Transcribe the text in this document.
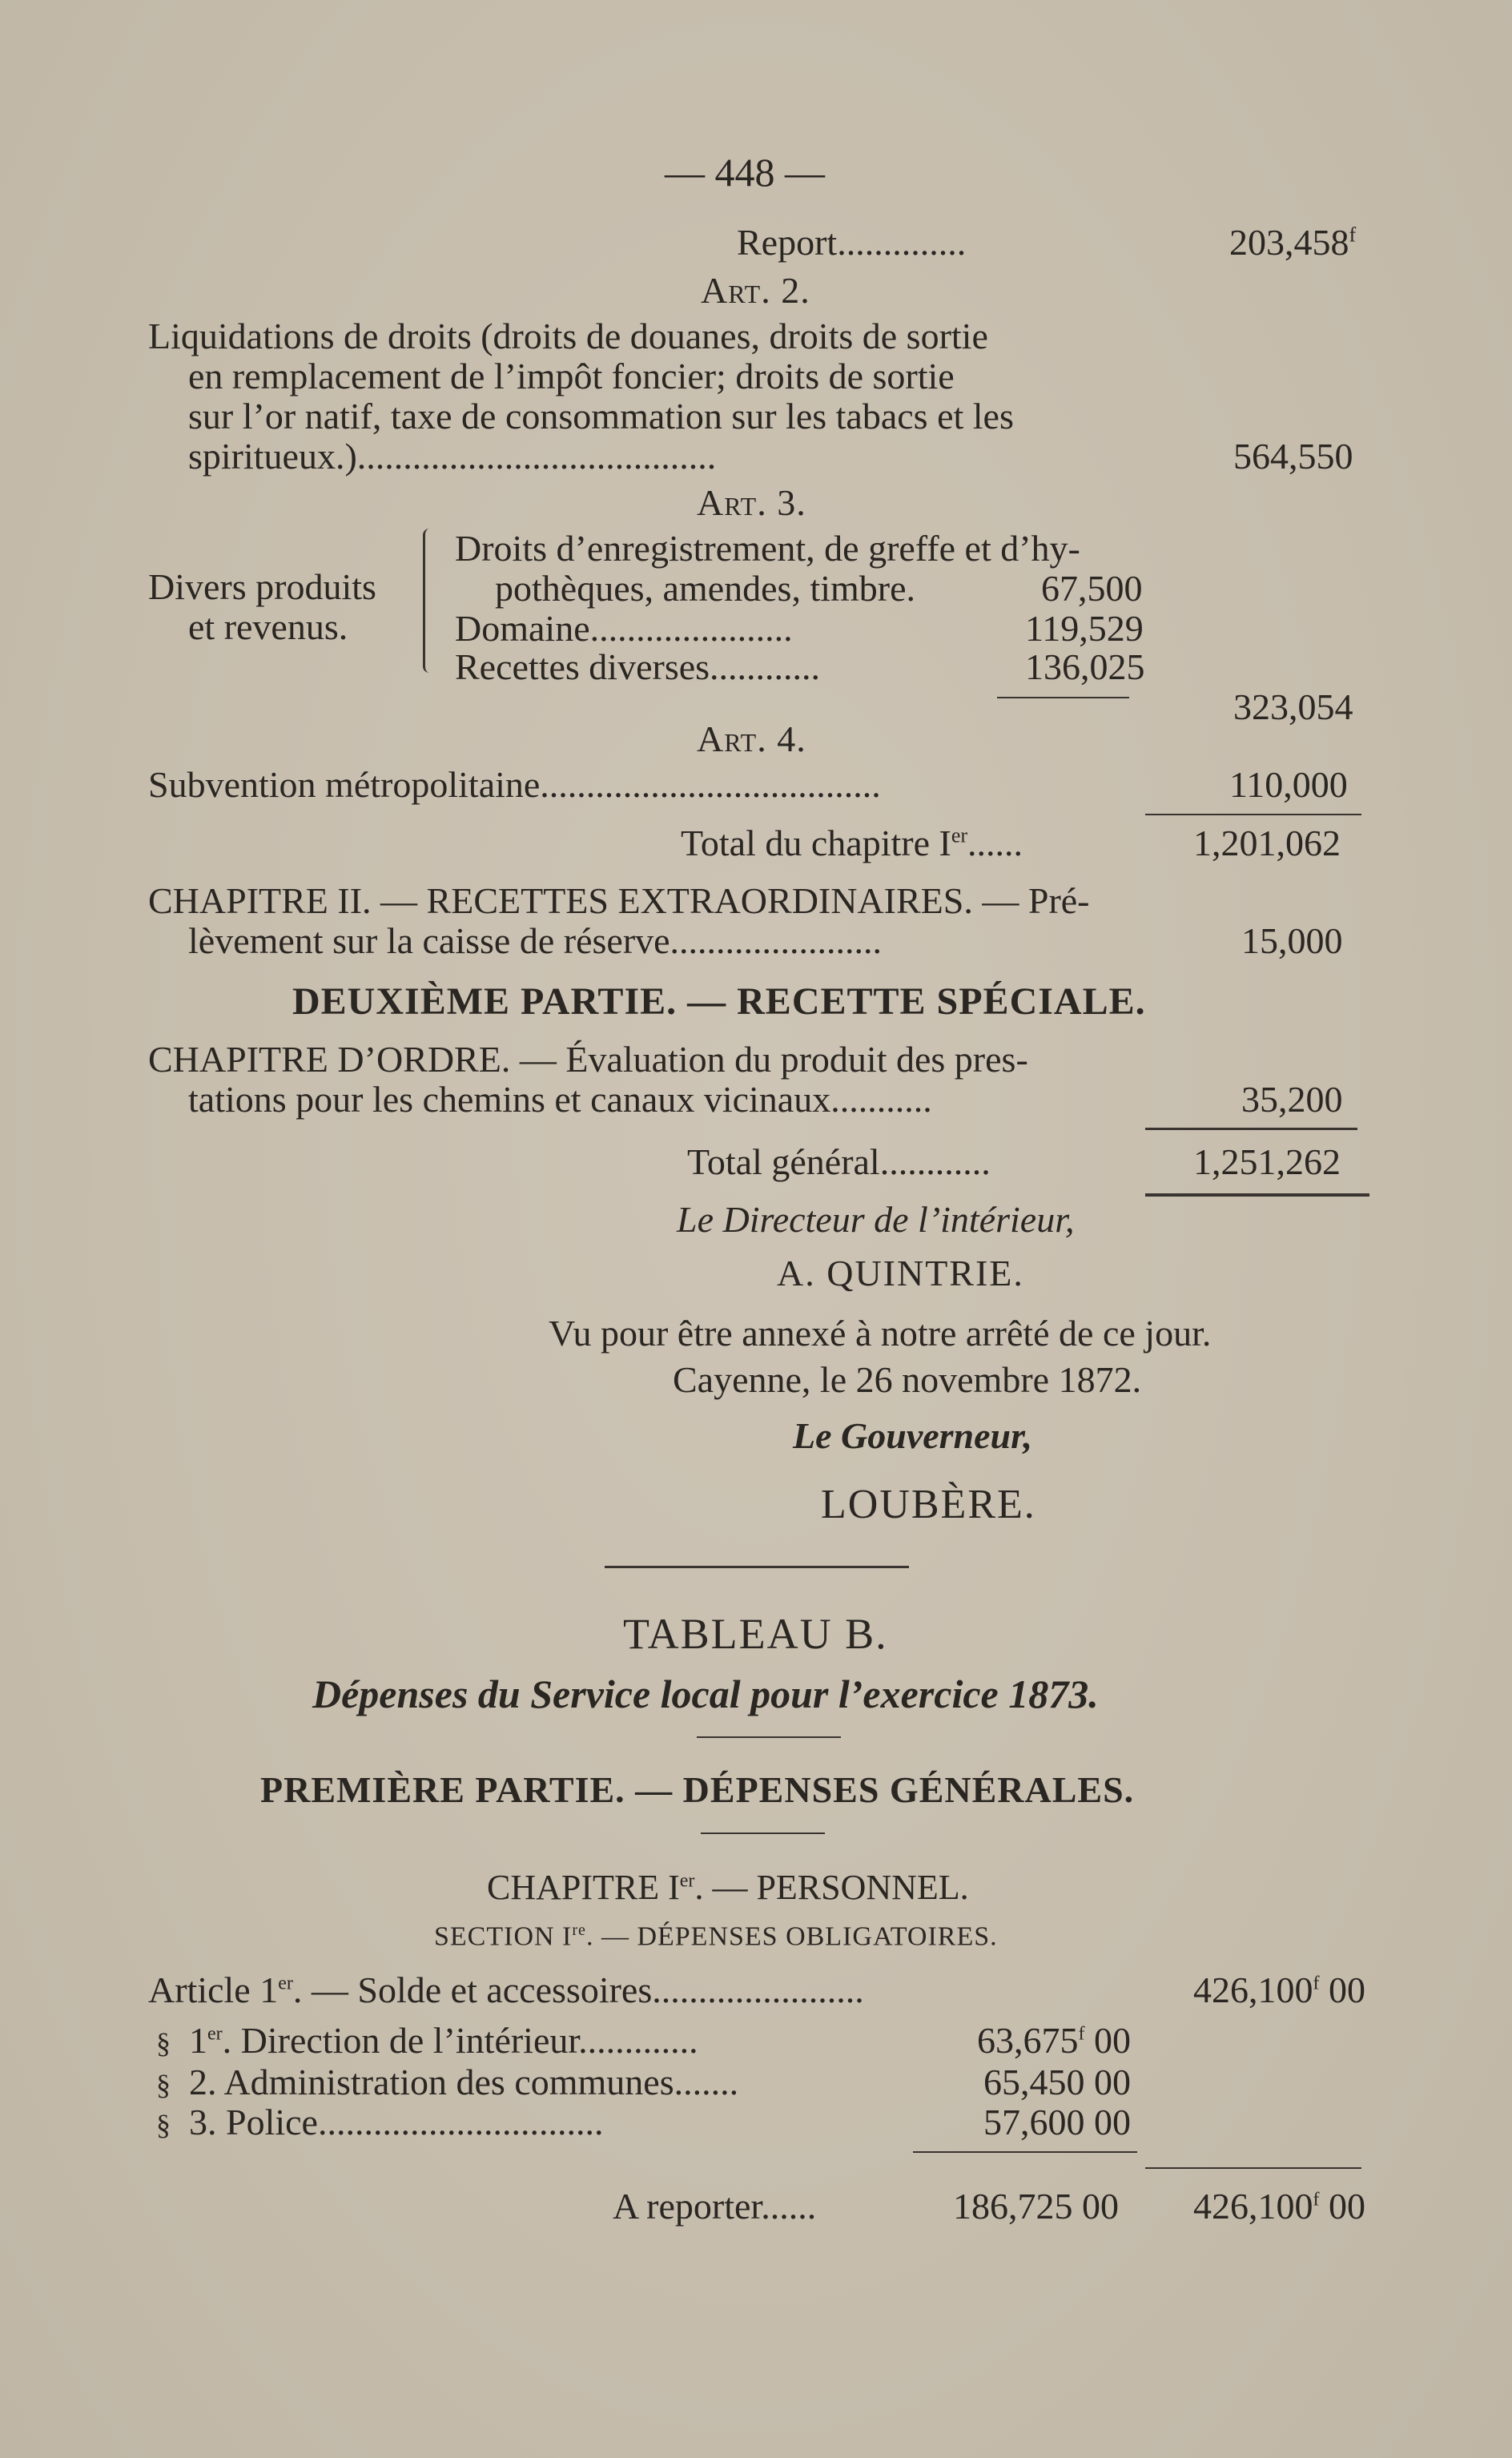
— 448 —
Report..............	203,458$^f$
Art. 2.
Liquidations de droits (droits de douanes, droits de sortie
en remplacement de l’impôt foncier; droits de sortie
sur l’or natif, taxe de consommation sur les tabacs et les
spiritueux.).......................................	564,550
Art. 3.
Divers produits
et revenus.
Droits d’enregistrement, de greffe et d’hy-
pothèques, amendes, timbre.	67,500
Domaine......................	119,529
Recettes diverses............	136,025
323,054
Art. 4.
Subvention métropolitaine.....................................	110,000
Total du chapitre Ier......	1,201,062
CHAPITRE II. — RECETTES EXTRAORDINAIRES. — Pré-
lèvement sur la caisse de réserve.......................	15,000
DEUXIÈME PARTIE. — RECETTE SPÉCIALE.
CHAPITRE D’ORDRE. — Évaluation du produit des pres-
tations pour les chemins et canaux vicinaux...........	35,200
Total général............	1,251,262
Le Directeur de l’intérieur,
A. QUINTRIE.
Vu pour être annexé à notre arrêté de ce jour.
Cayenne, le 26 novembre 1872.
Le Gouverneur,
LOUBÈRE.
TABLEAU B.
Dépenses du Service local pour l’exercice 1873.
PREMIÈRE PARTIE. — DÉPENSES GÉNÉRALES.
CHAPITRE Ier. — PERSONNEL.
SECTION Ire. — DÉPENSES OBLIGATOIRES.
Article 1er. — Solde et accessoires.......................	426,100$^f$ 00
§ 1er. Direction de l’intérieur.............	63,675$^f$ 00
§ 2. Administration des communes.......	65,450 00
§ 3. Police...............................	57,600 00
A reporter......	186,725 00 426,100$^f$ 00
